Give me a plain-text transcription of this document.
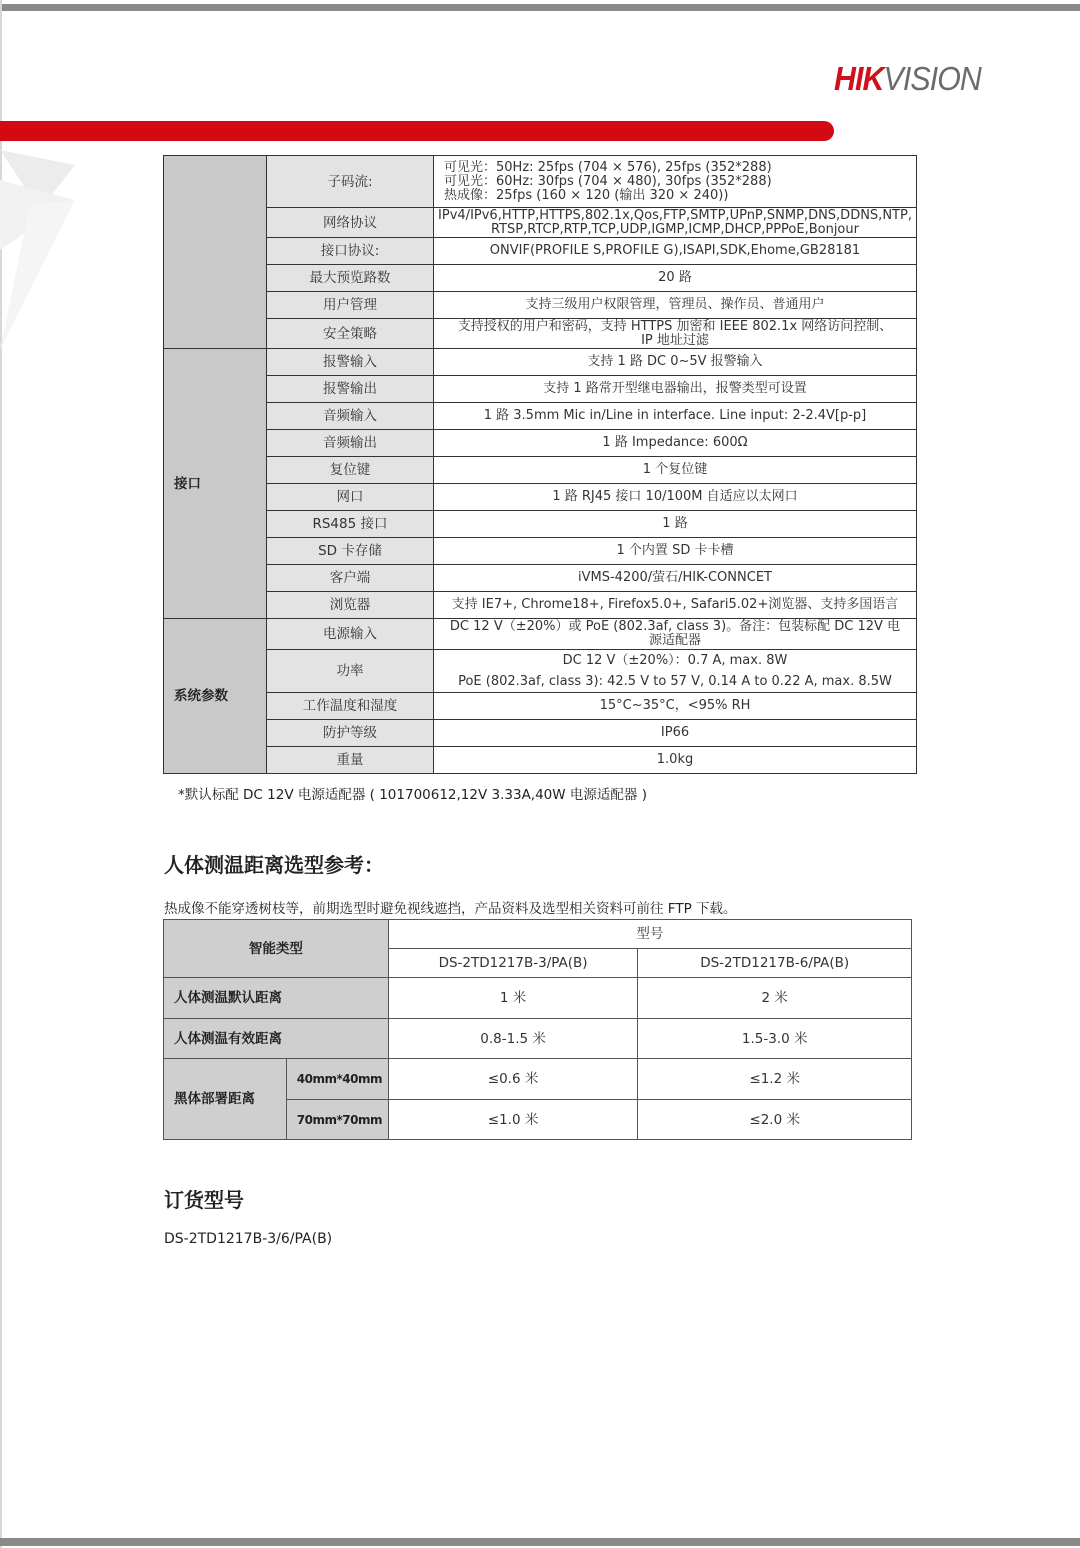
HIKVISION
	子码流:	可见光：50Hz: 25fps (704 × 576), 25fps (352*288)
可见光：60Hz: 30fps (704 × 480), 30fps (352*288)
热成像：25fps (160 × 120 (输出 320 × 240))

	网络协议	IPv4/IPv6,HTTP,HTTPS,802.1x,Qos,FTP,SMTP,UPnP,SNMP,DNS,DDNS,NTP,
RTSP,RTCP,RTP,TCP,UDP,IGMP,ICMP,DHCP,PPPoE,Bonjour

	接口协议:	ONVIF(PROFILE S,PROFILE G),ISAPI,SDK,Ehome,GB28181
	最大预览路数	20 路
	用户管理	支持三级用户权限管理，管理员、操作员、普通用户
	安全策略	支持授权的用户和密码，支持 HTTPS 加密和 IEEE 802.1x 网络访问控制、
IP 地址过滤

接口	报警输入	支持 1 路 DC 0~5V 报警输入
	报警输出	支持 1 路常开型继电器输出，报警类型可设置
	音频输入	1 路 3.5mm Mic in/Line in interface. Line input: 2-2.4V[p-p]
	音频输出	1 路 Impedance: 600Ω
	复位键	1 个复位键
	网口	1 路 RJ45 接口 10/100M 自适应以太网口
	RS485 接口	1 路
	SD 卡存储	1 个内置 SD 卡卡槽
	客户端	iVMS-4200/萤石/HIK-CONNCET
	浏览器	支持 IE7+, Chrome18+, Firefox5.0+, Safari5.02+浏览器、支持多国语言
系统参数	电源输入	DC 12 V（±20%）或 PoE (802.3af, class 3)。备注：包装标配 DC 12V 电
源适配器

	功率	DC 12 V（±20%）：0.7 A, max. 8W
PoE (802.3af, class 3): 42.5 V to 57 V, 0.14 A to 0.22 A, max. 8.5W

	工作温度和湿度	15°C~35°C，<95% RH
	防护等级	IP66
	重量	1.0kg
*默认标配 DC 12V 电源适配器 ( 101700612,12V 3.33A,40W 电源适配器 )
人体测温距离选型参考：
热成像不能穿透树枝等，前期选型时避免视线遮挡，产品资料及选型相关资料可前往 FTP 下载。
智能类型		型号	
		DS-2TD1217B-3/PA(B)	DS-2TD1217B-6/PA(B)
人体测温默认距离		1 米	2 米
人体测温有效距离		0.8-1.5 米	1.5-3.0 米
黑体部署距离	40mm*40mm	≤0.6 米	≤1.2 米
	70mm*70mm	≤1.0 米	≤2.0 米
订货型号
DS-2TD1217B-3/6/PA(B)
